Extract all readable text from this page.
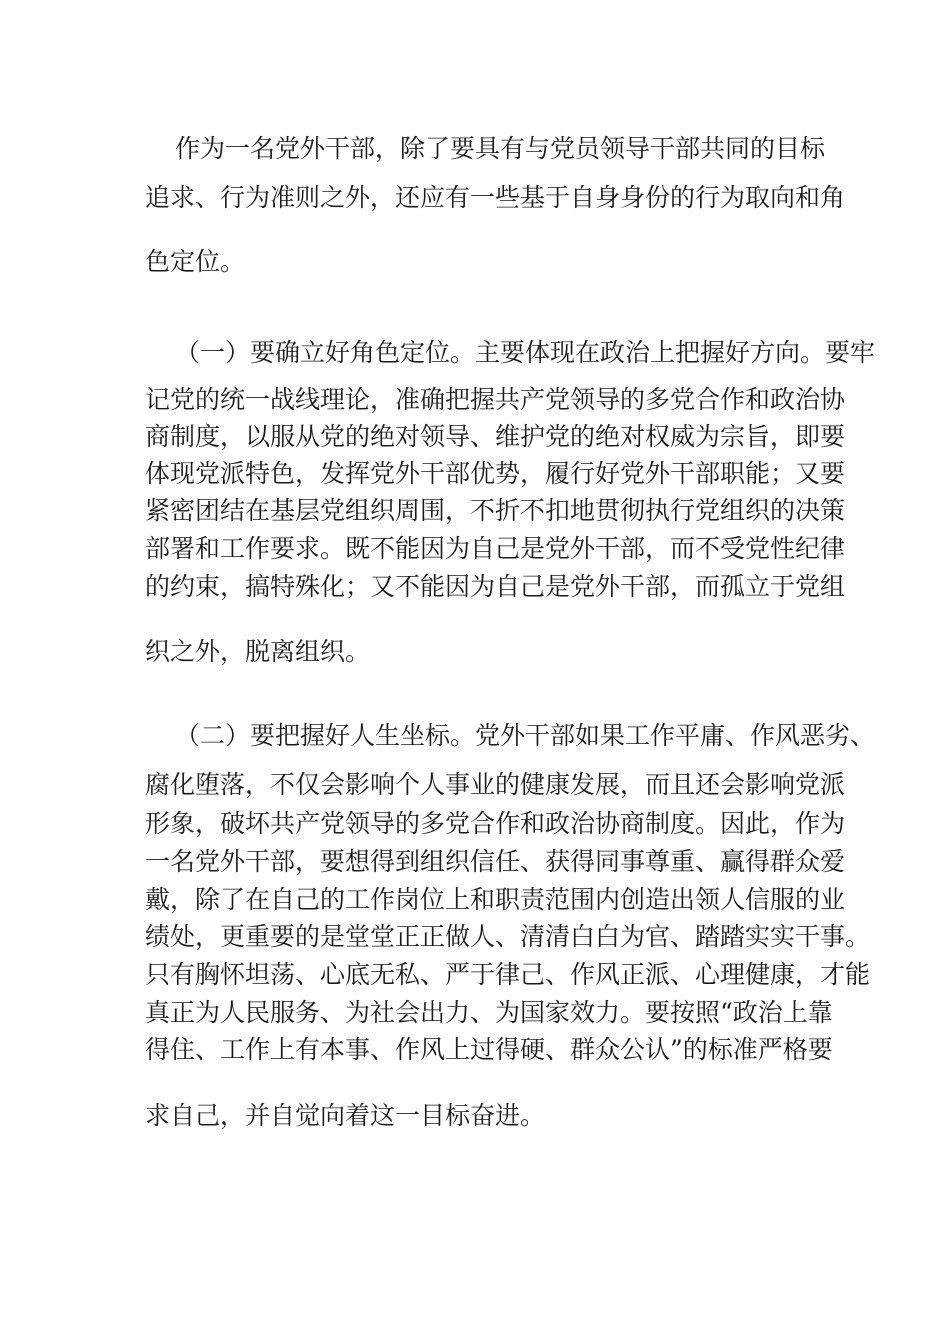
作为一名党外干部，除了要具有与党员领导干部共同的目标
追求、行为准则之外，还应有一些基于自身身份的行为取向和角
色定位。
（一）要确立好角色定位。主要体现在政治上把握好方向。要牢
记党的统一战线理论，准确把握共产党领导的多党合作和政治协
商制度，以服从党的绝对领导、维护党的绝对权威为宗旨，即要
体现党派特色，发挥党外干部优势，履行好党外干部职能；又要
紧密团结在基层党组织周围，不折不扣地贯彻执行党组织的决策
部署和工作要求。既不能因为自己是党外干部，而不受党性纪律
的约束，搞特殊化；又不能因为自己是党外干部，而孤立于党组
织之外，脱离组织。
（二）要把握好人生坐标。党外干部如果工作平庸、作风恶劣、
腐化堕落，不仅会影响个人事业的健康发展，而且还会影响党派
形象，破坏共产党领导的多党合作和政治协商制度。因此，作为
一名党外干部，要想得到组织信任、获得同事尊重、赢得群众爱
戴，除了在自己的工作岗位上和职责范围内创造出领人信服的业
绩处，更重要的是堂堂正正做人、清清白白为官、踏踏实实干事。
只有胸怀坦荡、心底无私、严于律己、作风正派、心理健康，才能
真正为人民服务、为社会出力、为国家效力。要按照“政治上靠
得住、工作上有本事、作风上过得硬、群众公认”的标准严格要
求自己，并自觉向着这一目标奋进。
